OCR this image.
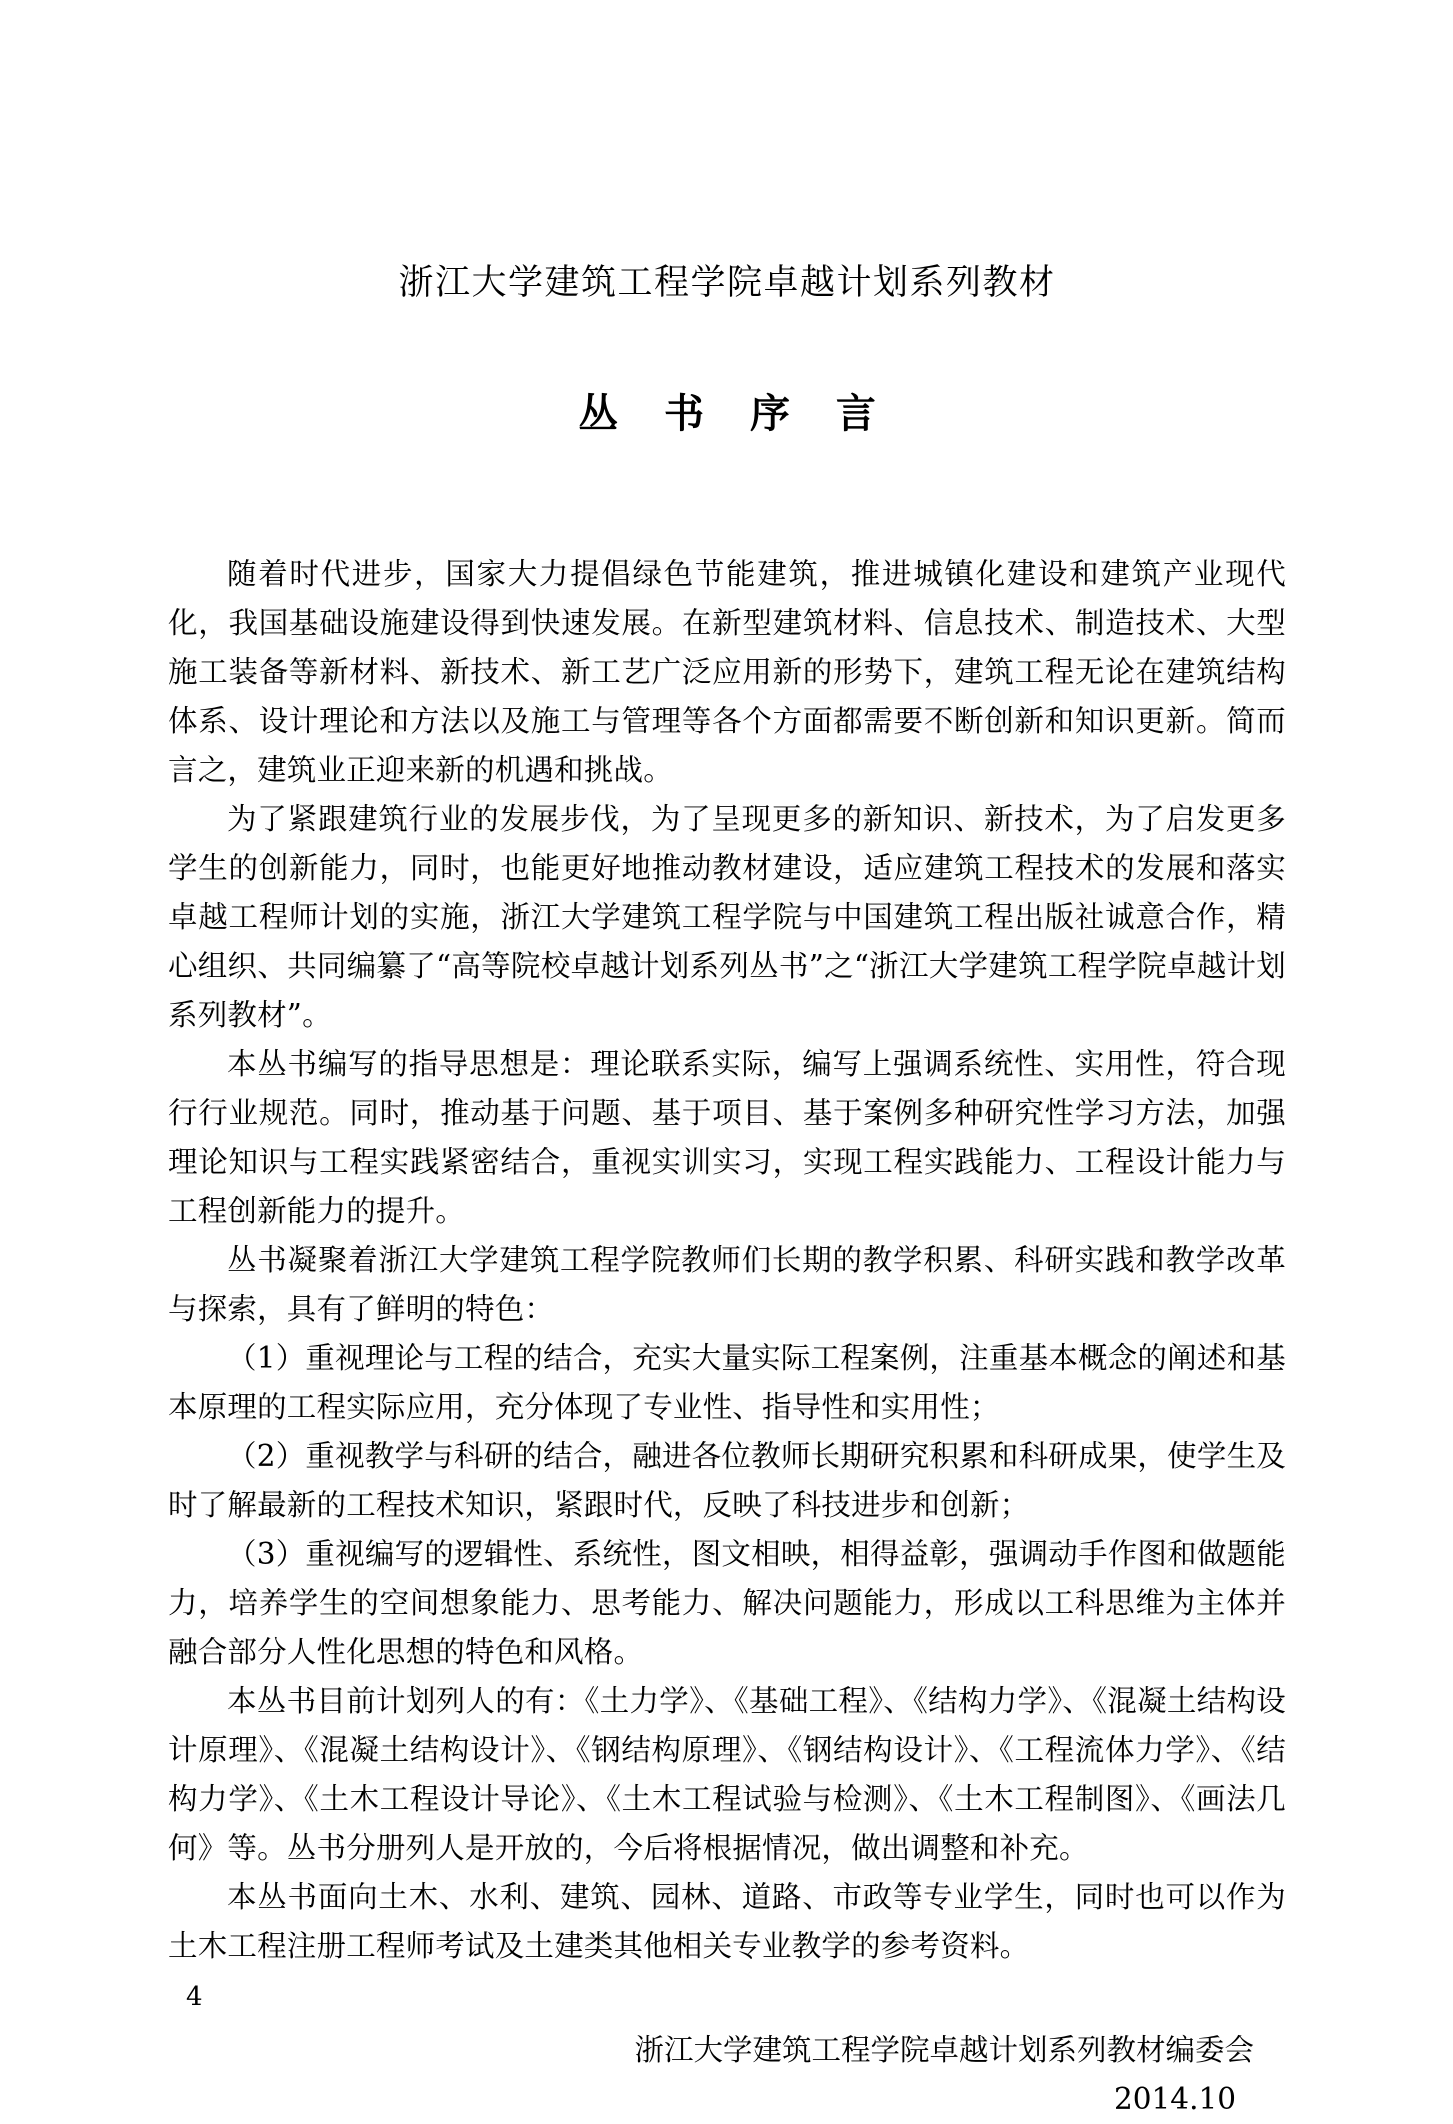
浙江大学建筑工程学院卓越计划系列教材
丛 书 序 言

随着时代进步，国家大力提倡绿色节能建筑，推进城镇化建设和建筑产业现代化，我国基础设施建设得到快速发展。在新型建筑材料、信息技术、制造技术、大型施工装备等新材料、新技术、新工艺广泛应用新的形势下，建筑工程无论在建筑结构体系、设计理论和方法以及施工与管理等各个方面都需要不断创新和知识更新。简而言之，建筑业正迎来新的机遇和挑战。

为了紧跟建筑行业的发展步伐，为了呈现更多的新知识、新技术，为了启发更多学生的创新能力，同时，也能更好地推动教材建设，适应建筑工程技术的发展和落实卓越工程师计划的实施，浙江大学建筑工程学院与中国建筑工程出版社诚意合作，精心组织、共同编纂了“高等院校卓越计划系列丛书”之“浙江大学建筑工程学院卓越计划系列教材”。

本丛书编写的指导思想是：理论联系实际，编写上强调系统性、实用性，符合现行行业规范。同时，推动基于问题、基于项目、基于案例多种研究性学习方法，加强理论知识与工程实践紧密结合，重视实训实习，实现工程实践能力、工程设计能力与工程创新能力的提升。

丛书凝聚着浙江大学建筑工程学院教师们长期的教学积累、科研实践和教学改革与探索，具有了鲜明的特色：

（1）重视理论与工程的结合，充实大量实际工程案例，注重基本概念的阐述和基本原理的工程实际应用，充分体现了专业性、指导性和实用性；

（2）重视教学与科研的结合，融进各位教师长期研究积累和科研成果，使学生及时了解最新的工程技术知识，紧跟时代，反映了科技进步和创新；

（3）重视编写的逻辑性、系统性，图文相映，相得益彰，强调动手作图和做题能力，培养学生的空间想象能力、思考能力、解决问题能力，形成以工科思维为主体并融合部分人性化思想的特色和风格。

本丛书目前计划列人的有：《土力学》、《基础工程》、《结构力学》、《混凝土结构设计原理》、《混凝土结构设计》、《钢结构原理》、《钢结构设计》、《工程流体力学》、《结构力学》、《土木工程设计导论》、《土木工程试验与检测》、《土木工程制图》、《画法几何》等。丛书分册列人是开放的，今后将根据情况，做出调整和补充。

本丛书面向土木、水利、建筑、园林、道路、市政等专业学生，同时也可以作为土木工程注册工程师考试及土建类其他相关专业教学的参考资料。

浙江大学建筑工程学院卓越计划系列教材编委会
2014.10
4
